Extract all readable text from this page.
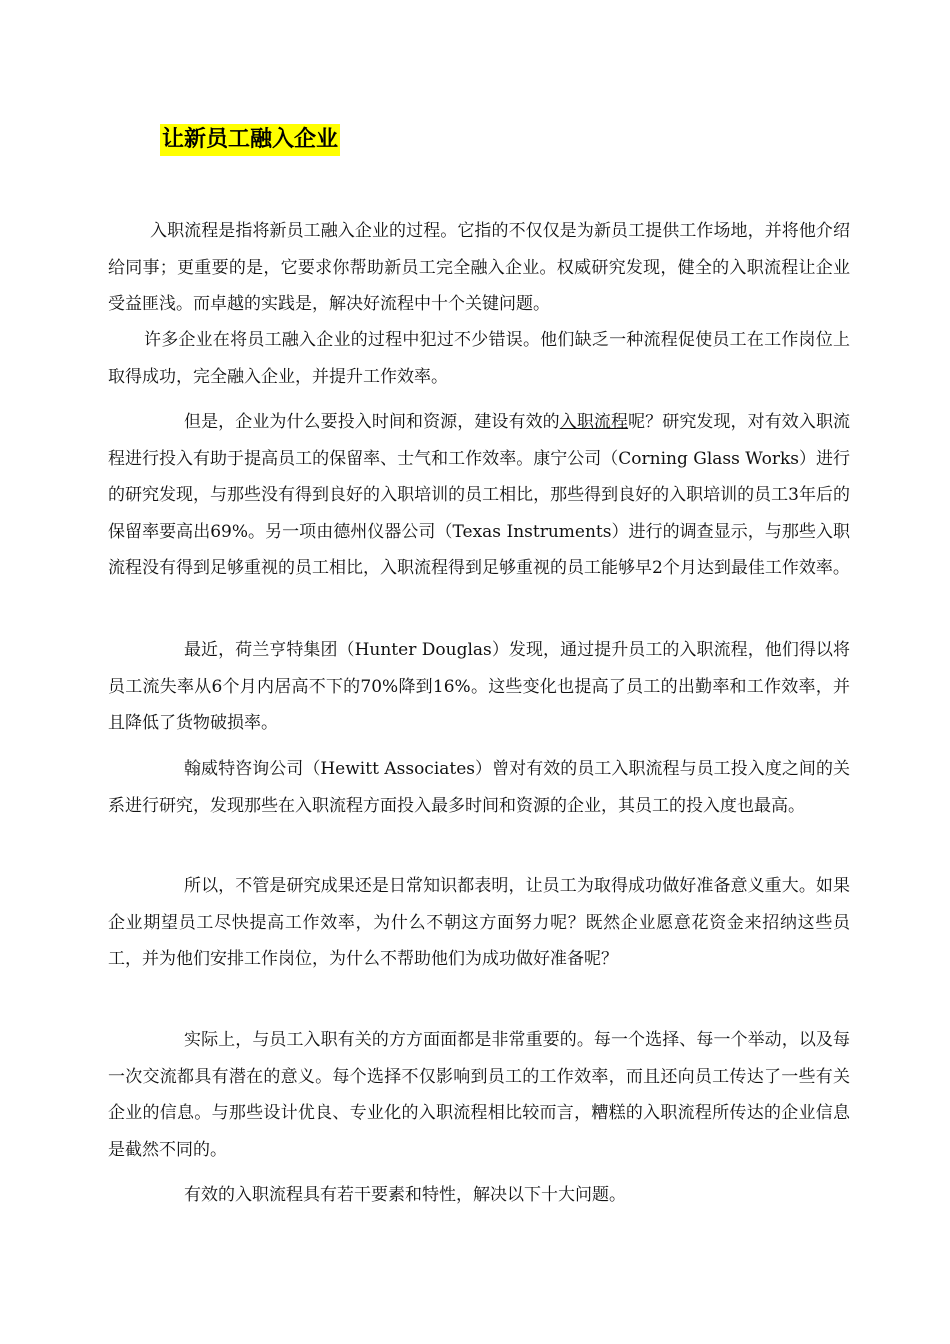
让新员工融入企业

入职流程是指将新员工融入企业的过程。它指的不仅仅是为新员工提供工作场地，并将他介绍给同事；更重要的是，它要求你帮助新员工完全融入企业。权威研究发现，健全的入职流程让企业受益匪浅。而卓越的实践是，解决好流程中十个关键问题。

许多企业在将员工融入企业的过程中犯过不少错误。他们缺乏一种流程促使员工在工作岗位上取得成功，完全融入企业，并提升工作效率。

但是，企业为什么要投入时间和资源，建设有效的入职流程呢？研究发现，对有效入职流程进行投入有助于提高员工的保留率、士气和工作效率。康宁公司（Corning Glass Works）进行的研究发现，与那些没有得到良好的入职培训的员工相比，那些得到良好的入职培训的员工3年后的保留率要高出69%。另一项由德州仪器公司（Texas Instruments）进行的调查显示，与那些入职流程没有得到足够重视的员工相比，入职流程得到足够重视的员工能够早2个月达到最佳工作效率。

最近，荷兰亨特集团（Hunter Douglas）发现，通过提升员工的入职流程，他们得以将员工流失率从6个月内居高不下的70%降到16%。这些变化也提高了员工的出勤率和工作效率，并且降低了货物破损率。

翰威特咨询公司（Hewitt Associates）曾对有效的员工入职流程与员工投入度之间的关系进行研究，发现那些在入职流程方面投入最多时间和资源的企业，其员工的投入度也最高。

所以，不管是研究成果还是日常知识都表明，让员工为取得成功做好准备意义重大。如果企业期望员工尽快提高工作效率，为什么不朝这方面努力呢？既然企业愿意花资金来招纳这些员工，并为他们安排工作岗位，为什么不帮助他们为成功做好准备呢？

实际上，与员工入职有关的方方面面都是非常重要的。每一个选择、每一个举动，以及每一次交流都具有潜在的意义。每个选择不仅影响到员工的工作效率，而且还向员工传达了一些有关企业的信息。与那些设计优良、专业化的入职流程相比较而言，糟糕的入职流程所传达的企业信息是截然不同的。

有效的入职流程具有若干要素和特性，解决以下十大问题。
